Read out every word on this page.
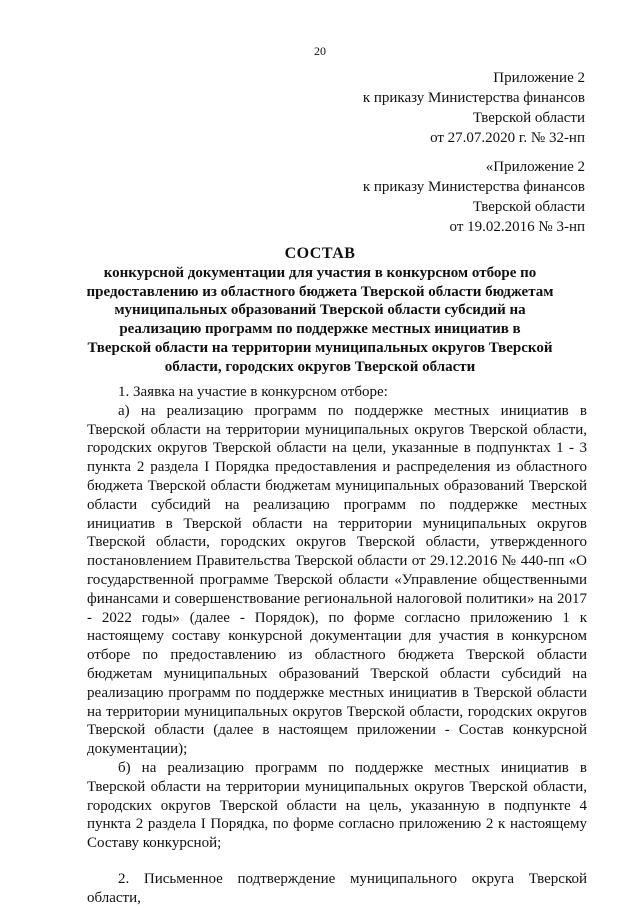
20
Приложение 2
к приказу Министерства финансов
Тверской области
от 27.07.2020 г. № 32-нп
«Приложение 2
к приказу Министерства финансов
Тверской области
от 19.02.2016 № 3-нп
СОСТАВ
конкурсной документации для участия в конкурсном отборе по предоставлению из областного бюджета Тверской области бюджетам муниципальных образований Тверской области субсидий на реализацию программ по поддержке местных инициатив в Тверской области на территории муниципальных округов Тверской области, городских округов Тверской области

1. Заявка на участие в конкурсном отборе:

а) на реализацию программ по поддержке местных инициатив в Тверской области на территории муниципальных округов Тверской области, городских округов Тверской области на цели, указанные в подпунктах 1 - 3 пункта 2 раздела I Порядка предоставления и распределения из областного бюджета Тверской области бюджетам муниципальных образований Тверской области субсидий на реализацию программ по поддержке местных инициатив в Тверской области на территории муниципальных округов Тверской области, городских округов Тверской области, утвержденного постановлением Правительства Тверской области от 29.12.2016 № 440-пп «О государственной программе Тверской области «Управление общественными финансами и совершенствование региональной налоговой политики» на 2017 - 2022 годы» (далее - Порядок), по форме согласно приложению 1 к настоящему составу конкурсной документации для участия в конкурсном отборе по предоставлению из областного бюджета Тверской области бюджетам муниципальных образований Тверской области субсидий на реализацию программ по поддержке местных инициатив в Тверской области на территории муниципальных округов Тверской области, городских округов Тверской области (далее в настоящем приложении - Состав конкурсной документации);

б) на реализацию программ по поддержке местных инициатив в Тверской области на территории муниципальных округов Тверской области, городских округов Тверской области на цель, указанную в подпункте 4 пункта 2 раздела I Порядка, по форме согласно приложению 2 к настоящему Составу конкурсной;

2. Письменное подтверждение муниципального округа Тверской области,
